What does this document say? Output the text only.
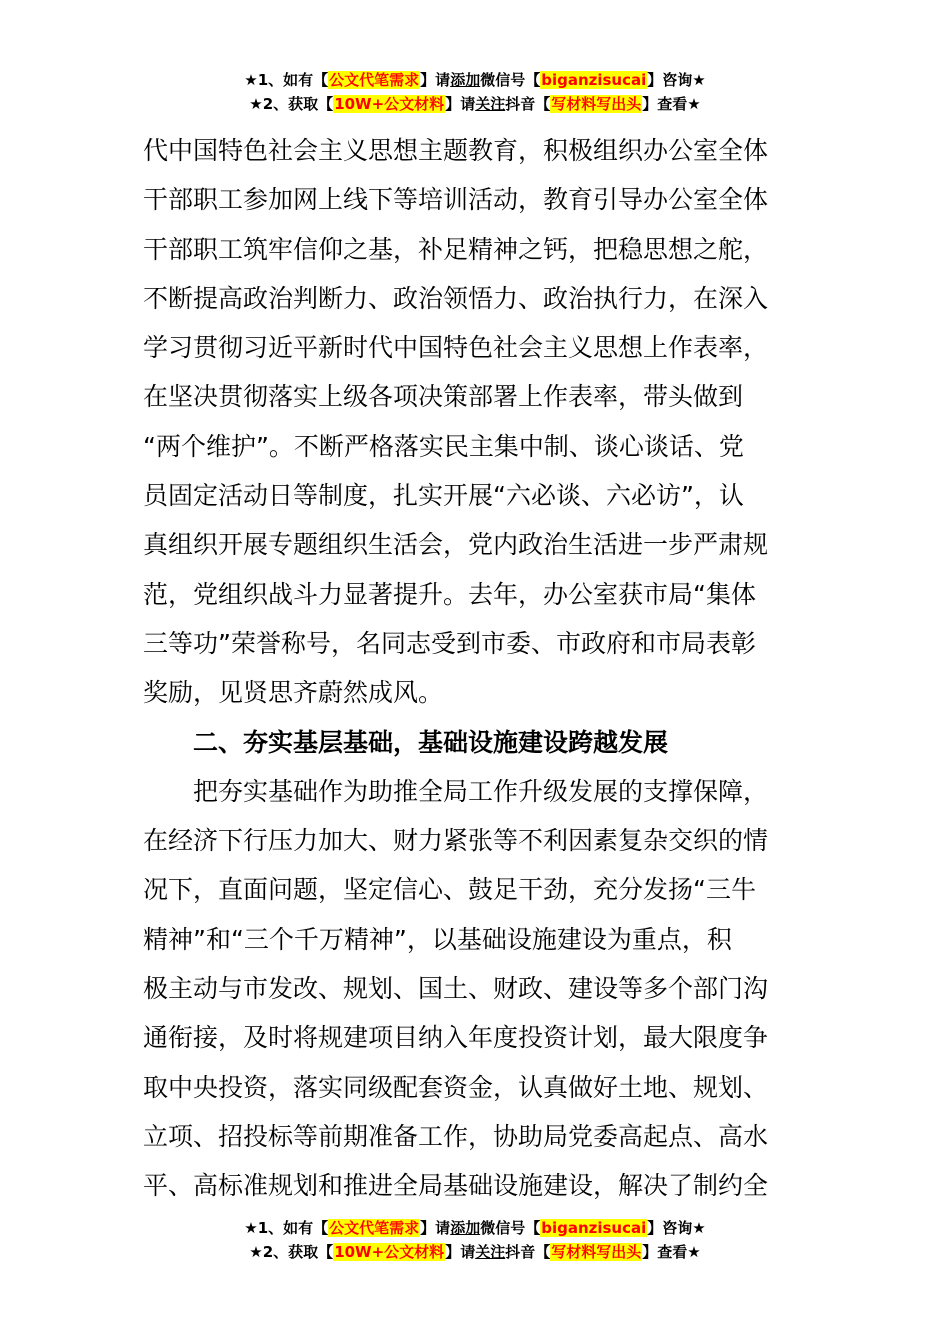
★1、如有【公文代笔需求】请添加微信号【biganzisucai】咨询★
★2、获取【10W+公文材料】请关注抖音【写材料写出头】查看★
代中国特色社会主义思想主题教育，积极组织办公室全体
干部职工参加网上线下等培训活动，教育引导办公室全体
干部职工筑牢信仰之基，补足精神之钙，把稳思想之舵，
不断提高政治判断力、政治领悟力、政治执行力，在深入
学习贯彻习近平新时代中国特色社会主义思想上作表率，
在坚决贯彻落实上级各项决策部署上作表率，带头做到
“两个维护”。不断严格落实民主集中制、谈心谈话、党
员固定活动日等制度，扎实开展“六必谈、六必访”，认
真组织开展专题组织生活会，党内政治生活进一步严肃规
范，党组织战斗力显著提升。去年，办公室获市局“集体
三等功”荣誉称号，名同志受到市委、市政府和市局表彰
奖励，见贤思齐蔚然成风。
二、夯实基层基础，基础设施建设跨越发展
把夯实基础作为助推全局工作升级发展的支撑保障，
在经济下行压力加大、财力紧张等不利因素复杂交织的情
况下，直面问题，坚定信心、鼓足干劲，充分发扬“三牛
精神”和“三个千万精神”，以基础设施建设为重点，积
极主动与市发改、规划、国土、财政、建设等多个部门沟
通衔接，及时将规建项目纳入年度投资计划，最大限度争
取中央投资，落实同级配套资金，认真做好土地、规划、
立项、招投标等前期准备工作，协助局党委高起点、高水
平、高标准规划和推进全局基础设施建设，解决了制约全
★1、如有【公文代笔需求】请添加微信号【biganzisucai】咨询★
★2、获取【10W+公文材料】请关注抖音【写材料写出头】查看★
